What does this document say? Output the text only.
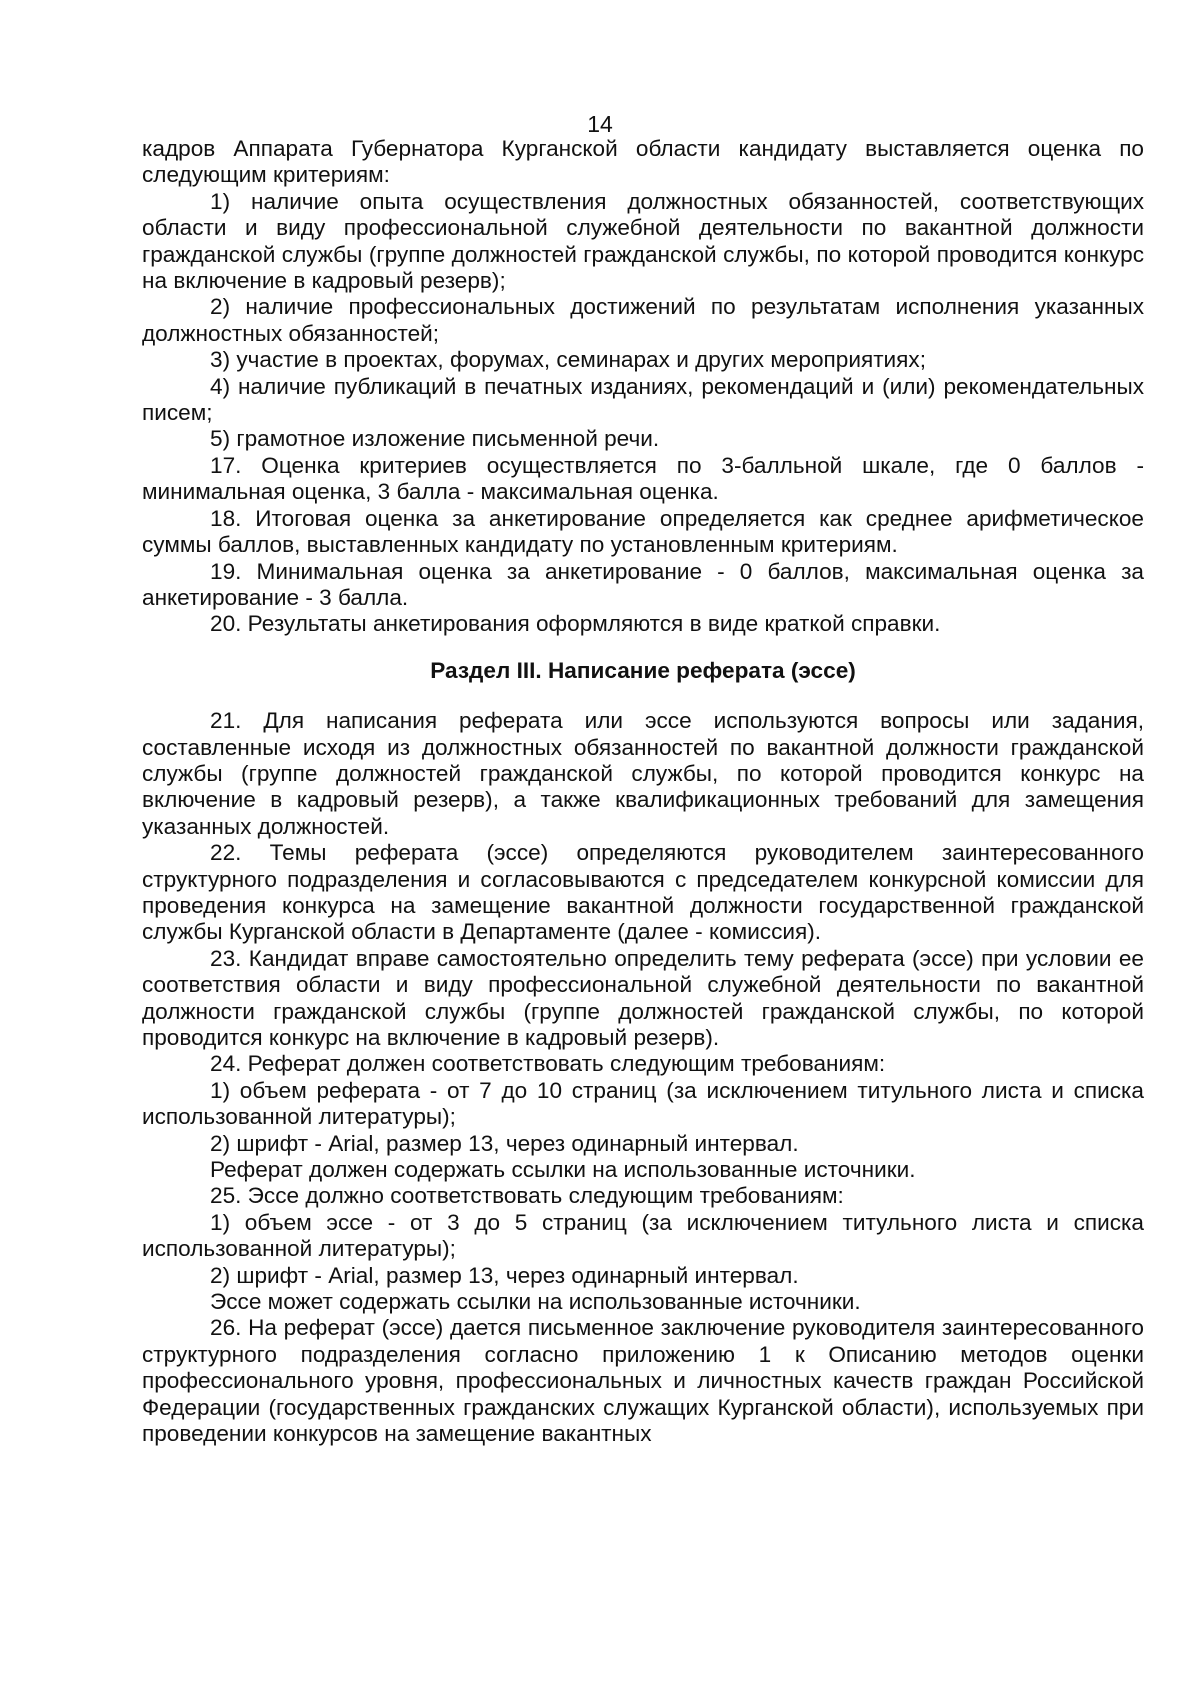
14

кадров Аппарата Губернатора Курганской области кандидату выставляется оценка по следующим критериям:

1) наличие опыта осуществления должностных обязанностей, соответствующих области и виду профессиональной служебной деятельности по вакантной должности гражданской службы (группе должностей гражданской службы, по которой проводится конкурс на включение в кадровый резерв);

2) наличие профессиональных достижений по результатам исполнения указанных должностных обязанностей;

3) участие в проектах, форумах, семинарах и других мероприятиях;

4) наличие публикаций в печатных изданиях, рекомендаций и (или) рекомендательных писем;

5) грамотное изложение письменной речи.

17. Оценка критериев осуществляется по 3-балльной шкале, где 0 баллов - минимальная оценка, 3 балла - максимальная оценка.

18. Итоговая оценка за анкетирование определяется как среднее арифметическое суммы баллов, выставленных кандидату по установленным критериям.

19. Минимальная оценка за анкетирование - 0 баллов, максимальная оценка за анкетирование - 3 балла.

20. Результаты анкетирования оформляются в виде краткой справки.

Раздел III. Написание реферата (эссе)

21. Для написания реферата или эссе используются вопросы или задания, составленные исходя из должностных обязанностей по вакантной должности гражданской службы (группе должностей гражданской службы, по которой проводится конкурс на включение в кадровый резерв), а также квалификационных требований для замещения указанных должностей.

22. Темы реферата (эссе) определяются руководителем заинтересованного структурного подразделения и согласовываются с председателем конкурсной комиссии для проведения конкурса на замещение вакантной должности государственной гражданской службы Курганской области в Департаменте (далее - комиссия).

23. Кандидат вправе самостоятельно определить тему реферата (эссе) при условии ее соответствия области и виду профессиональной служебной деятельности по вакантной должности гражданской службы (группе должностей гражданской службы, по которой проводится конкурс на включение в кадровый резерв).

24. Реферат должен соответствовать следующим требованиям:

1) объем реферата - от 7 до 10 страниц (за исключением титульного листа и списка использованной литературы);

2) шрифт - Arial, размер 13, через одинарный интервал.

Реферат должен содержать ссылки на использованные источники.

25. Эссе должно соответствовать следующим требованиям:

1) объем эссе - от 3 до 5 страниц (за исключением титульного листа и списка использованной литературы);

2) шрифт - Arial, размер 13, через одинарный интервал.

Эссе может содержать ссылки на использованные источники.

26. На реферат (эссе) дается письменное заключение руководителя заинтересованного структурного подразделения согласно приложению 1 к Описанию методов оценки профессионального уровня, профессиональных и личностных качеств граждан Российской Федерации (государственных гражданских служащих Курганской области), используемых при проведении конкурсов на замещение вакантных
